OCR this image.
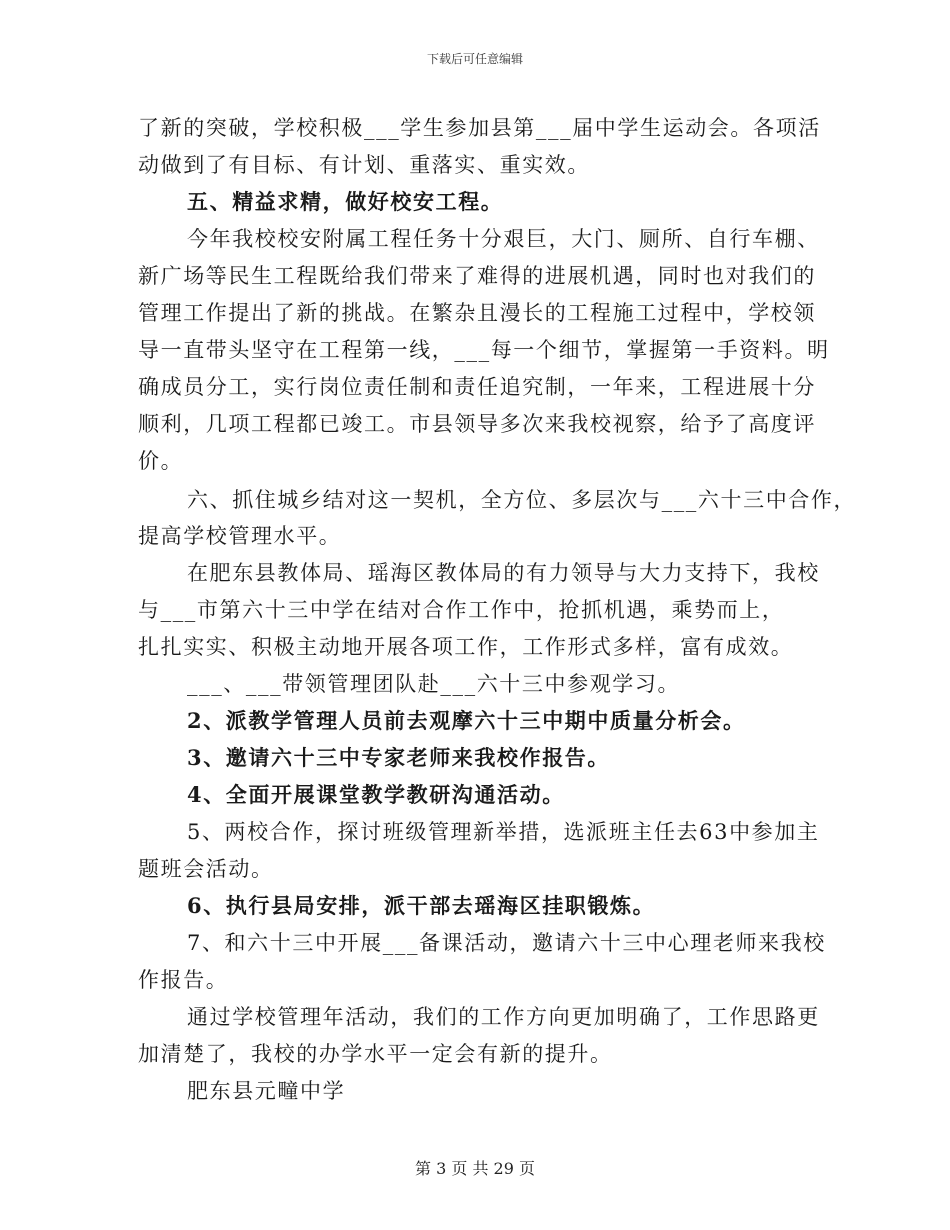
下载后可任意编辑
了新的突破，学校积极___学生参加县第___届中学生运动会。各项活
动做到了有目标、有计划、重落实、重实效。
五、精益求精，做好校安工程。
今年我校校安附属工程任务十分艰巨，大门、厕所、自行车棚、
新广场等民生工程既给我们带来了难得的进展机遇，同时也对我们的
管理工作提出了新的挑战。在繁杂且漫长的工程施工过程中，学校领
导一直带头坚守在工程第一线，___每一个细节，掌握第一手资料。明
确成员分工，实行岗位责任制和责任追究制，一年来，工程进展十分
顺利，几项工程都已竣工。市县领导多次来我校视察，给予了高度评
价。
六、抓住城乡结对这一契机，全方位、多层次与___六十三中合作，
提高学校管理水平。
在肥东县教体局、瑶海区教体局的有力领导与大力支持下，我校
与___市第六十三中学在结对合作工作中，抢抓机遇，乘势而上，
扎扎实实、积极主动地开展各项工作，工作形式多样，富有成效。
___、___带领管理团队赴___六十三中参观学习。
2、派教学管理人员前去观摩六十三中期中质量分析会。
3、邀请六十三中专家老师来我校作报告。
4、全面开展课堂教学教研沟通活动。
5、两校合作，探讨班级管理新举措，选派班主任去63中参加主
题班会活动。
6、执行县局安排，派干部去瑶海区挂职锻炼。
7、和六十三中开展___备课活动，邀请六十三中心理老师来我校
作报告。
通过学校管理年活动，我们的工作方向更加明确了，工作思路更
加清楚了，我校的办学水平一定会有新的提升。
肥东县元疃中学
第 3 页 共 29 页
